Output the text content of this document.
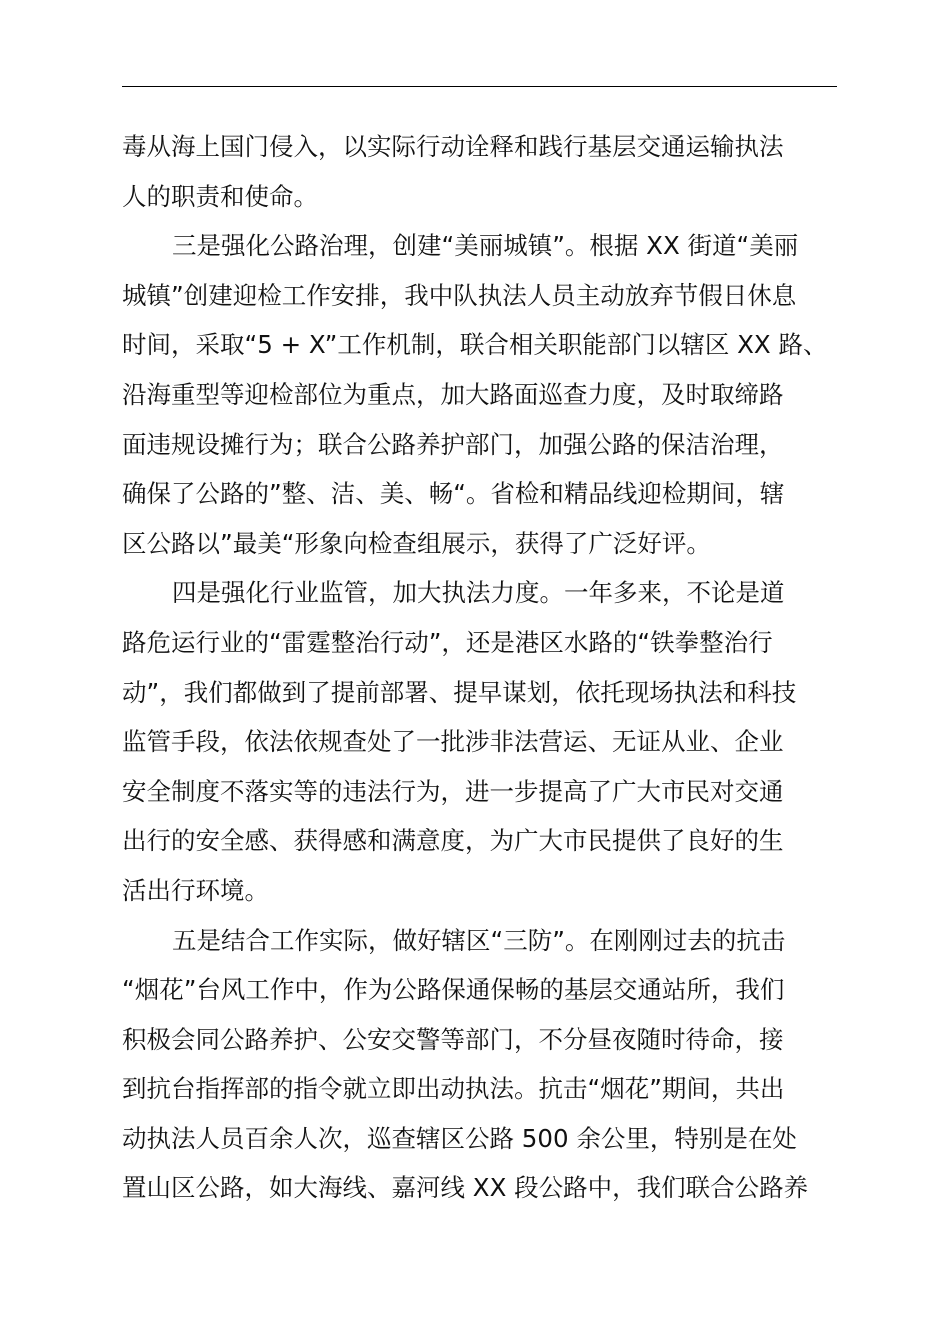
毒从海上国门侵入，以实际行动诠释和践行基层交通运输执法
人的职责和使命。
三是强化公路治理，创建“美丽城镇”。根据 XX 街道“美丽
城镇”创建迎检工作安排，我中队执法人员主动放弃节假日休息
时间，采取“5 + X”工作机制，联合相关职能部门以辖区 XX 路、
沿海重型等迎检部位为重点，加大路面巡查力度，及时取缔路
面违规设摊行为；联合公路养护部门，加强公路的保洁治理，
确保了公路的”整、洁、美、畅“。省检和精品线迎检期间，辖
区公路以”最美“形象向检查组展示，获得了广泛好评。
四是强化行业监管，加大执法力度。一年多来，不论是道
路危运行业的“雷霆整治行动”，还是港区水路的“铁拳整治行
动”，我们都做到了提前部署、提早谋划，依托现场执法和科技
监管手段，依法依规查处了一批涉非法营运、无证从业、企业
安全制度不落实等的违法行为，进一步提高了广大市民对交通
出行的安全感、获得感和满意度，为广大市民提供了良好的生
活出行环境。
五是结合工作实际，做好辖区“三防”。在刚刚过去的抗击
“烟花”台风工作中，作为公路保通保畅的基层交通站所，我们
积极会同公路养护、公安交警等部门，不分昼夜随时待命，接
到抗台指挥部的指令就立即出动执法。抗击“烟花”期间，共出
动执法人员百余人次，巡查辖区公路 500 余公里，特别是在处
置山区公路，如大海线、嘉河线 XX 段公路中，我们联合公路养
